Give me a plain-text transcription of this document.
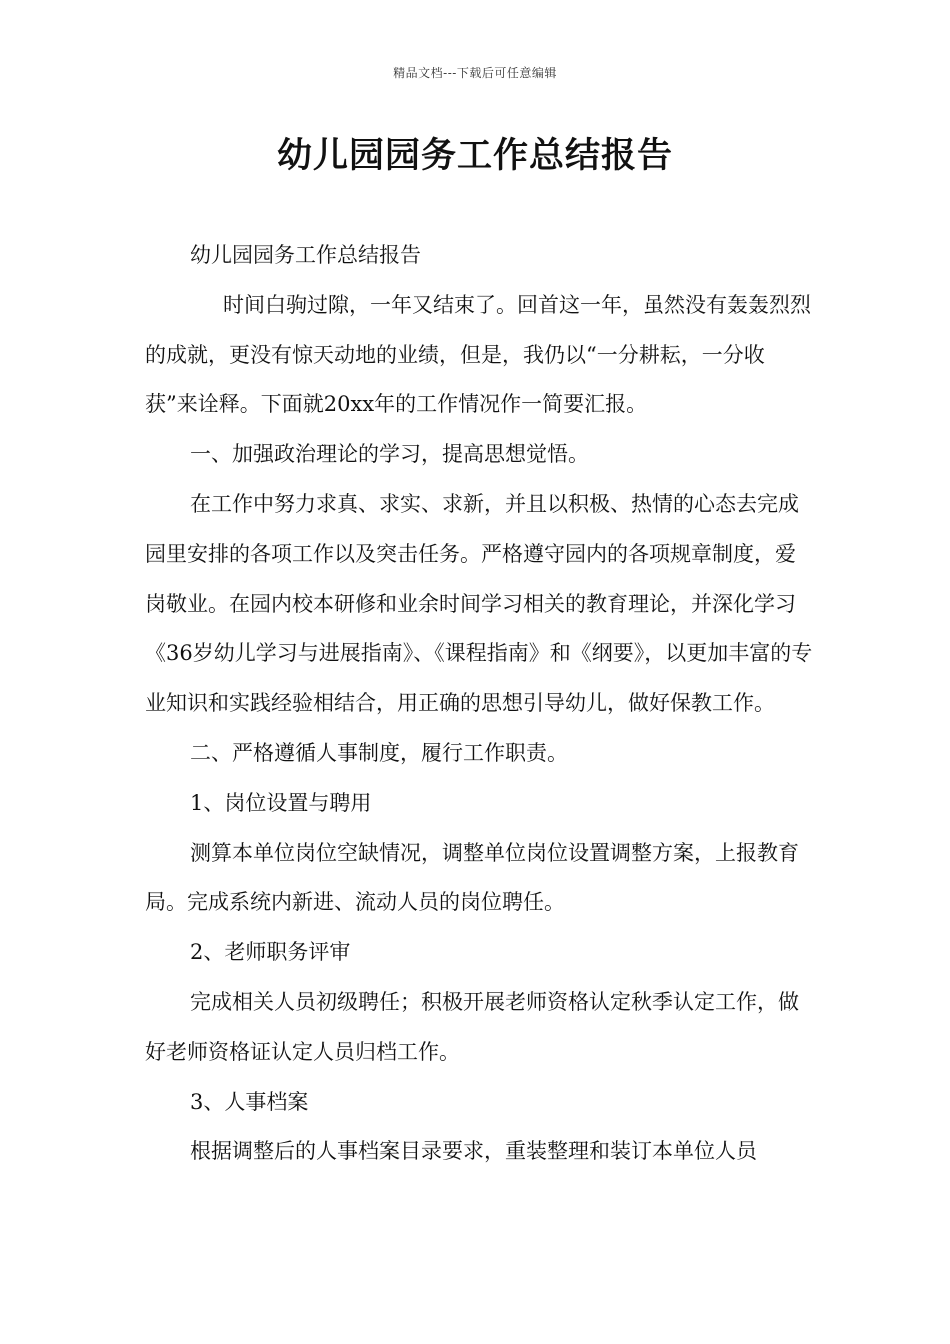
精品文档---下载后可任意编辑
幼儿园园务工作总结报告

幼儿园园务工作总结报告

时间白驹过隙，一年又结束了。回首这一年，虽然没有轰轰烈烈的成就，更没有惊天动地的业绩，但是，我仍以“一分耕耘，一分收获”来诠释。下面就20xx年的工作情况作一简要汇报。

一、加强政治理论的学习，提高思想觉悟。

在工作中努力求真、求实、求新，并且以积极、热情的心态去完成园里安排的各项工作以及突击任务。严格遵守园内的各项规章制度，爱岗敬业。在园内校本研修和业余时间学习相关的教育理论，并深化学习《36岁幼儿学习与进展指南》、《课程指南》和《纲要》，以更加丰富的专业知识和实践经验相结合，用正确的思想引导幼儿，做好保教工作。

二、严格遵循人事制度，履行工作职责。

1、岗位设置与聘用

测算本单位岗位空缺情况，调整单位岗位设置调整方案，上报教育局。完成系统内新进、流动人员的岗位聘任。

2、老师职务评审

完成相关人员初级聘任；积极开展老师资格认定秋季认定工作，做好老师资格证认定人员归档工作。

3、人事档案

根据调整后的人事档案目录要求，重装整理和装订本单位人员
